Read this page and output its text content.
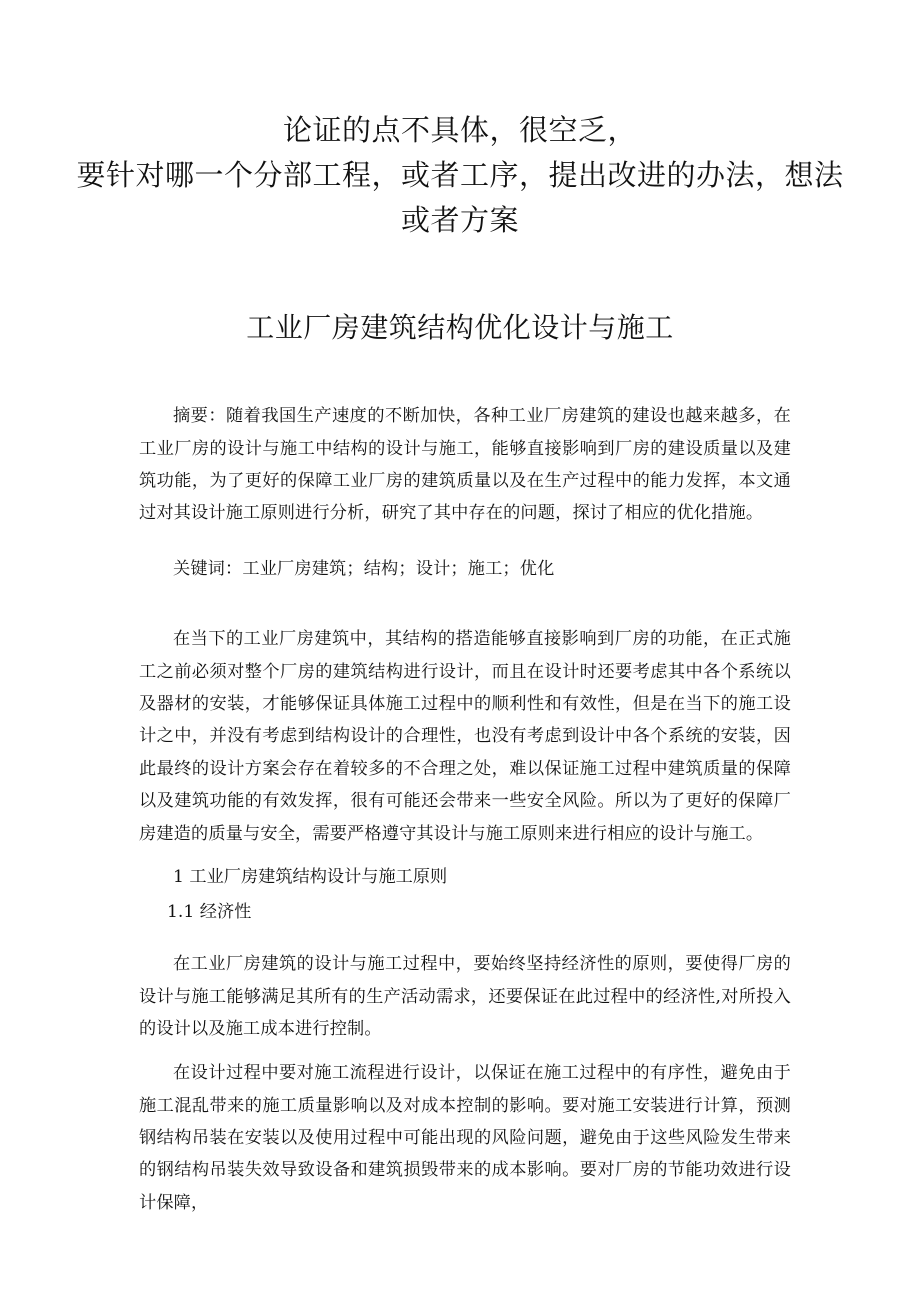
论证的点不具体，很空乏，
要针对哪一个分部工程，或者工序，提出改进的办法，想法
或者方案
工业厂房建筑结构优化设计与施工

摘要：随着我国生产速度的不断加快，各种工业厂房建筑的建设也越来越多，在工业厂房的设计与施工中结构的设计与施工，能够直接影响到厂房的建设质量以及建筑功能，为了更好的保障工业厂房的建筑质量以及在生产过程中的能力发挥，本文通过对其设计施工原则进行分析，研究了其中存在的问题，探讨了相应的优化措施。

关键词：工业厂房建筑；结构；设计；施工；优化

在当下的工业厂房建筑中，其结构的搭造能够直接影响到厂房的功能，在正式施工之前必须对整个厂房的建筑结构进行设计，而且在设计时还要考虑其中各个系统以及器材的安装，才能够保证具体施工过程中的顺利性和有效性，但是在当下的施工设计之中，并没有考虑到结构设计的合理性，也没有考虑到设计中各个系统的安装，因此最终的设计方案会存在着较多的不合理之处，难以保证施工过程中建筑质量的保障以及建筑功能的有效发挥，很有可能还会带来一些安全风险。所以为了更好的保障厂房建造的质量与安全，需要严格遵守其设计与施工原则来进行相应的设计与施工。

1 工业厂房建筑结构设计与施工原则
1.1 经济性

在工业厂房建筑的设计与施工过程中，要始终坚持经济性的原则，要使得厂房的设计与施工能够满足其所有的生产活动需求，还要保证在此过程中的经济性,对所投入的设计以及施工成本进行控制。

在设计过程中要对施工流程进行设计，以保证在施工过程中的有序性，避免由于施工混乱带来的施工质量影响以及对成本控制的影响。要对施工安装进行计算，预测钢结构吊装在安装以及使用过程中可能出现的风险问题，避免由于这些风险发生带来的钢结构吊装失效导致设备和建筑损毁带来的成本影响。要对厂房的节能功效进行设计保障，
